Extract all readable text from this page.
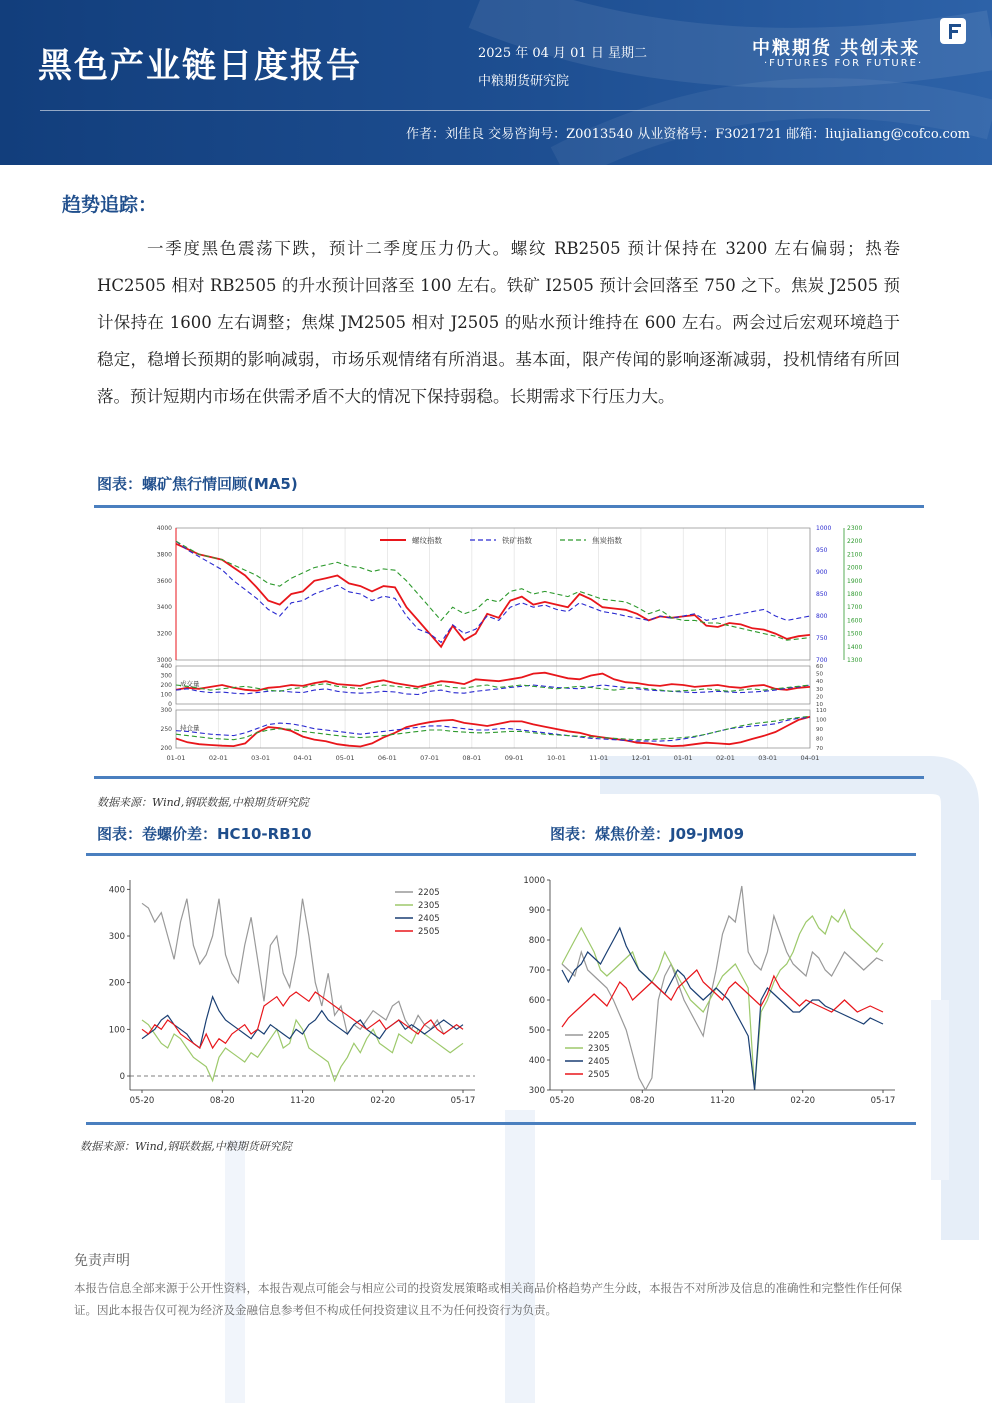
黑色产业链日度报告	2025 年 04 月 01 日 星期二
中粮期货研究院
中粮期货 共创未来
·FUTURES FOR FUTURE·
作者：刘佳良 交易咨询号：Z0013540 从业资格号：F3021721 邮箱：liujialiang@cofco.com
趋势追踪：
一季度黑色震荡下跌，预计二季度压力仍大。螺纹 RB2505 预计保持在 3200 左右偏弱；热卷 HC2505 相对 RB2505 的升水预计回落至 100 左右。铁矿 I2505 预计会回落至 750 之下。焦炭 J2505 预计保持在 1600 左右调整；焦煤 JM2505 相对 J2505 的贴水预计维持在 600 左右。两会过后宏观环境趋于稳定，稳增长预期的影响减弱，市场乐观情绪有所消退。基本面，限产传闻的影响逐渐减弱，投机情绪有所回落。预计短期内市场在供需矛盾不大的情况下保持弱稳。长期需求下行压力大。
图表：螺矿焦行情回顾(MA5)
01-01	02-01	03-01	04-01	05-01	06-01	07-01	08-01	09-01	10-01	11-01	12-01	01-01	02-01	03-01	04-01
4000
3800
3600
3400
3200
3000
1000
950
900
850
800
750
700
2300
2200
2100
2000
1900
1800
1700
1600
1500
1400
1300
螺纹指数	铁矿指数	焦炭指数
400
300
200
100
0
60
50
40
30
20
10
成交量
300
250
200
110
100
90
80
70
持仓量
数据来源：Wind,钢联数据,中粮期货研究院
图表：卷螺价差：HC10-RB10	图表：煤焦价差：J09-JM09
0
100
200
300
400
05-20	08-20	11-20	02-20	05-17
2205
2305
2405
2505
300
400
500
600
700
800
900
1000
05-20	08-20	11-20	02-20	05-17
2205
2305
2405
2505
数据来源：Wind,钢联数据,中粮期货研究院
免责声明
本报告信息全部来源于公开性资料，本报告观点可能会与相应公司的投资发展策略或相关商品价格趋势产生分歧，本报告不对所涉及信息的准确性和完整性作任何保证。因此本报告仅可视为经济及金融信息参考但不构成任何投资建议且不为任何投资行为负责。
